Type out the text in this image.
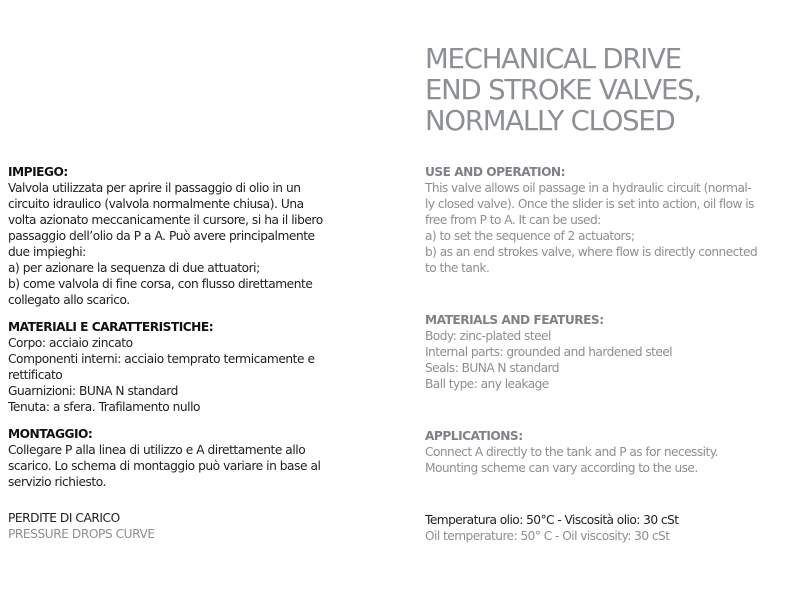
MECHANICAL DRIVE
END STROKE VALVES,
NORMALLY CLOSED
IMPIEGO:
Valvola utilizzata per aprire il passaggio di olio in un
circuito idraulico (valvola normalmente chiusa). Una
volta azionato meccanicamente il cursore, si ha il libero
passaggio dell’olio da P a A. Può avere principalmente
due impieghi:
a) per azionare la sequenza di due attuatori;
b) come valvola di fine corsa, con flusso direttamente
collegato allo scarico.
MATERIALI E CARATTERISTICHE:
Corpo: acciaio zincato
Componenti interni: acciaio temprato termicamente e
rettificato
Guarnizioni: BUNA N standard
Tenuta: a sfera. Trafilamento nullo
MONTAGGIO:
Collegare P alla linea di utilizzo e A direttamente allo
scarico. Lo schema di montaggio può variare in base al
servizio richiesto.
PERDITE DI CARICO
PRESSURE DROPS CURVE
USE AND OPERATION:
This valve allows oil passage in a hydraulic circuit (normal-
ly closed valve). Once the slider is set into action, oil flow is
free from P to A. It can be used:
a) to set the sequence of 2 actuators;
b) as an end strokes valve, where flow is directly connected
to the tank.
MATERIALS AND FEATURES:
Body: zinc-plated steel
Internal parts: grounded and hardened steel
Seals: BUNA N standard
Ball type: any leakage
APPLICATIONS:
Connect A directly to the tank and P as for necessity.
Mounting scheme can vary according to the use.
Temperatura olio: 50°C - Viscosità olio: 30 cSt
Oil temperature: 50° C - Oil viscosity: 30 cSt
